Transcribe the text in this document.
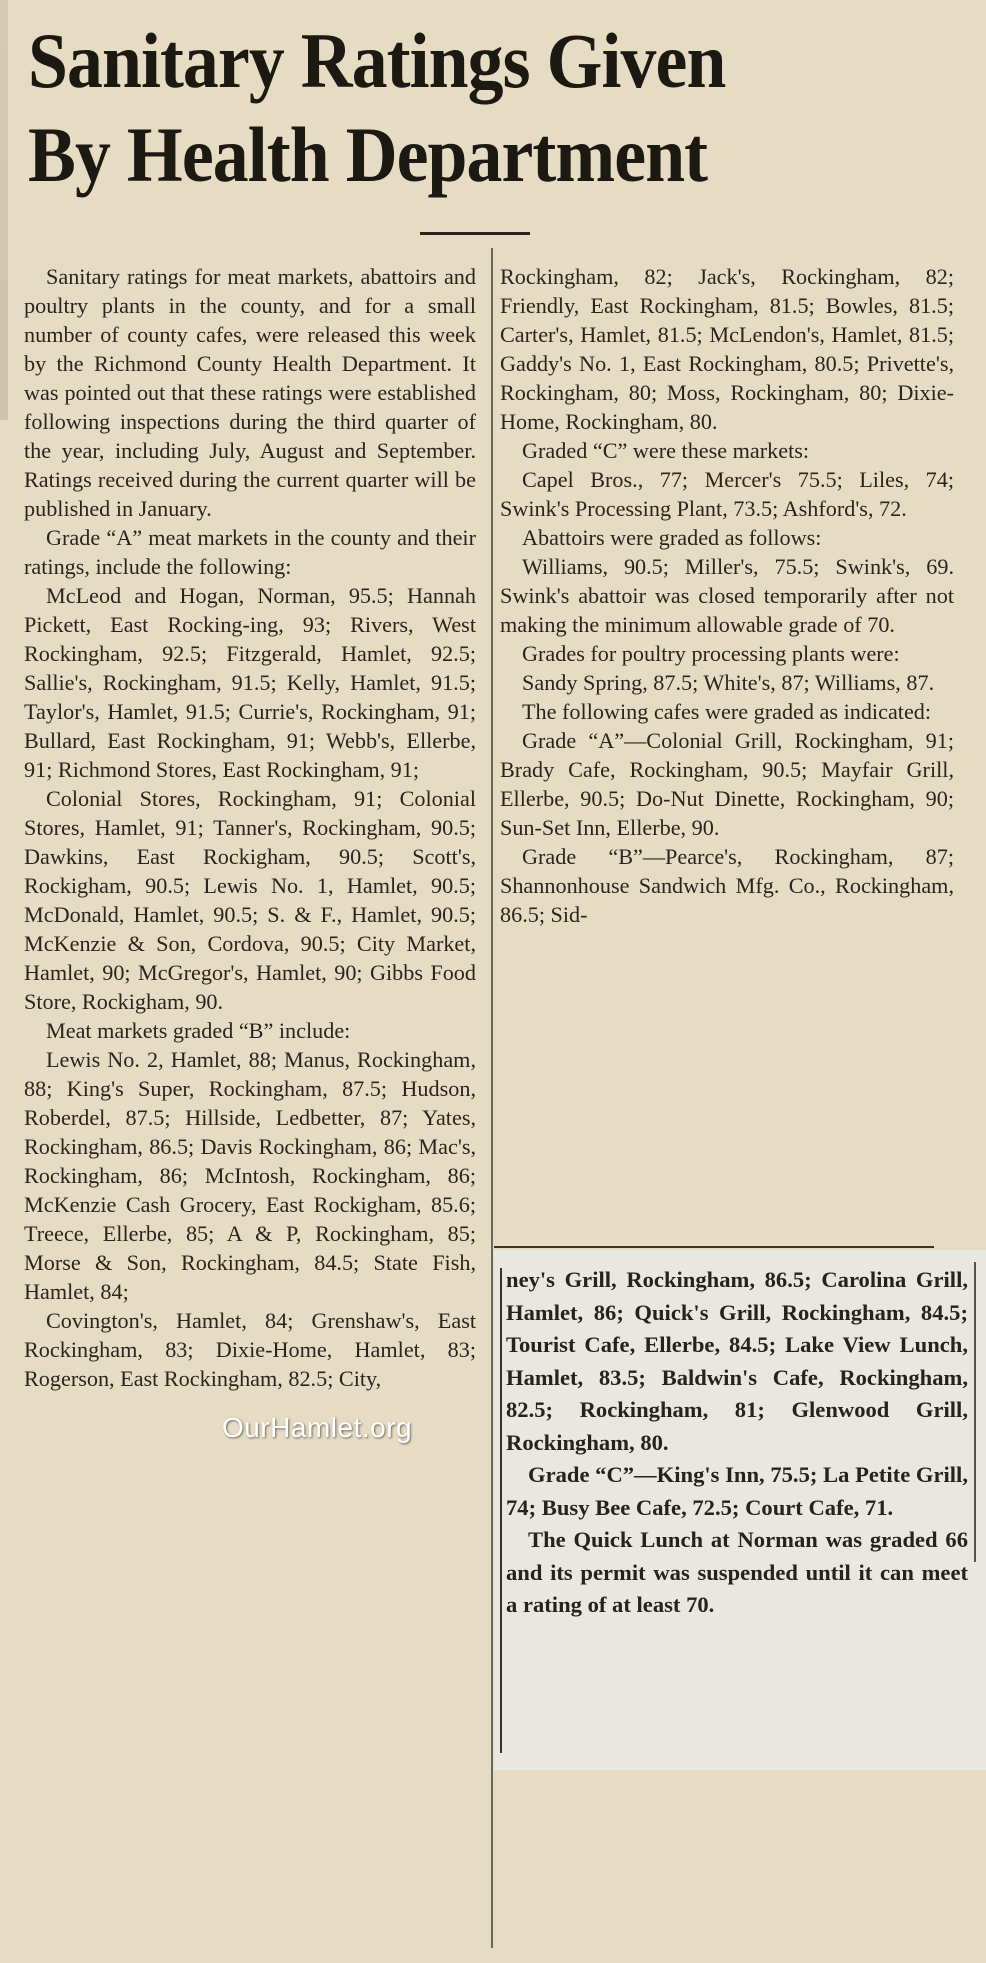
Sanitary Ratings Given
By Health Department

Sanitary ratings for meat markets, abattoirs and poultry plants in the county, and for a small number of county cafes, were released this week by the Richmond County Health Department. It was pointed out that these ratings were established following inspections during the third quarter of the year, including July, August and September. Ratings received during the current quarter will be published in January.

Grade “A” meat markets in the county and their ratings, include the following:

McLeod and Hogan, Norman, 95.5; Hannah Pickett, East Rocking-ing, 93; Rivers, West Rockingham, 92.5; Fitzgerald, Hamlet, 92.5; Sallie's, Rockingham, 91.5; Kelly, Hamlet, 91.5; Taylor's, Hamlet, 91.5; Currie's, Rockingham, 91; Bullard, East Rockingham, 91; Webb's, Ellerbe, 91; Richmond Stores, East Rockingham, 91;

Colonial Stores, Rockingham, 91; Colonial Stores, Hamlet, 91; Tanner's, Rockingham, 90.5; Dawkins, East Rockigham, 90.5; Scott's, Rockigham, 90.5; Lewis No. 1, Hamlet, 90.5; McDonald, Hamlet, 90.5; S. & F., Hamlet, 90.5; McKenzie & Son, Cordova, 90.5; City Market, Hamlet, 90; McGregor's, Hamlet, 90; Gibbs Food Store, Rockigham, 90.

Meat markets graded “B” include:

Lewis No. 2, Hamlet, 88; Manus, Rockingham, 88; King's Super, Rockingham, 87.5; Hudson, Roberdel, 87.5; Hillside, Ledbetter, 87; Yates, Rockingham, 86.5; Davis Rockingham, 86; Mac's, Rockingham, 86; McIntosh, Rockingham, 86; McKenzie Cash Grocery, East Rockigham, 85.6; Treece, Ellerbe, 85; A & P, Rockingham, 85; Morse & Son, Rockingham, 84.5; State Fish, Hamlet, 84;

Covington's, Hamlet, 84; Grenshaw's, East Rockingham, 83; Dixie-Home, Hamlet, 83; Rogerson, East Rockingham, 82.5; City,

Rockingham, 82; Jack's, Rockingham, 82; Friendly, East Rockingham, 81.5; Bowles, 81.5; Carter's, Hamlet, 81.5; McLendon's, Hamlet, 81.5; Gaddy's No. 1, East Rockingham, 80.5; Privette's, Rockingham, 80; Moss, Rockingham, 80; Dixie-Home, Rockingham, 80.

Graded “C” were these markets:

Capel Bros., 77; Mercer's 75.5; Liles, 74; Swink's Processing Plant, 73.5; Ashford's, 72.

Abattoirs were graded as follows:

Williams, 90.5; Miller's, 75.5; Swink's, 69. Swink's abattoir was closed temporarily after not making the minimum allowable grade of 70.

Grades for poultry processing plants were:

Sandy Spring, 87.5; White's, 87; Williams, 87.

The following cafes were graded as indicated:

Grade “A”—Colonial Grill, Rockingham, 91; Brady Cafe, Rockingham, 90.5; Mayfair Grill, Ellerbe, 90.5; Do-Nut Dinette, Rockingham, 90; Sun-Set Inn, Ellerbe, 90.

Grade “B”—Pearce's, Rockingham, 87; Shannonhouse Sandwich Mfg. Co., Rockingham, 86.5; Sid-

ney's Grill, Rockingham, 86.5; Carolina Grill, Hamlet, 86; Quick's Grill, Rockingham, 84.5; Tourist Cafe, Ellerbe, 84.5; Lake View Lunch, Hamlet, 83.5; Baldwin's Cafe, Rockingham, 82.5; Rockingham, 81; Glenwood Grill, Rockingham, 80.

Grade “C”—King's Inn, 75.5; La Petite Grill, 74; Busy Bee Cafe, 72.5; Court Cafe, 71.

The Quick Lunch at Norman was graded 66 and its permit was suspended until it can meet a rating of at least 70.

OurHamlet.org
